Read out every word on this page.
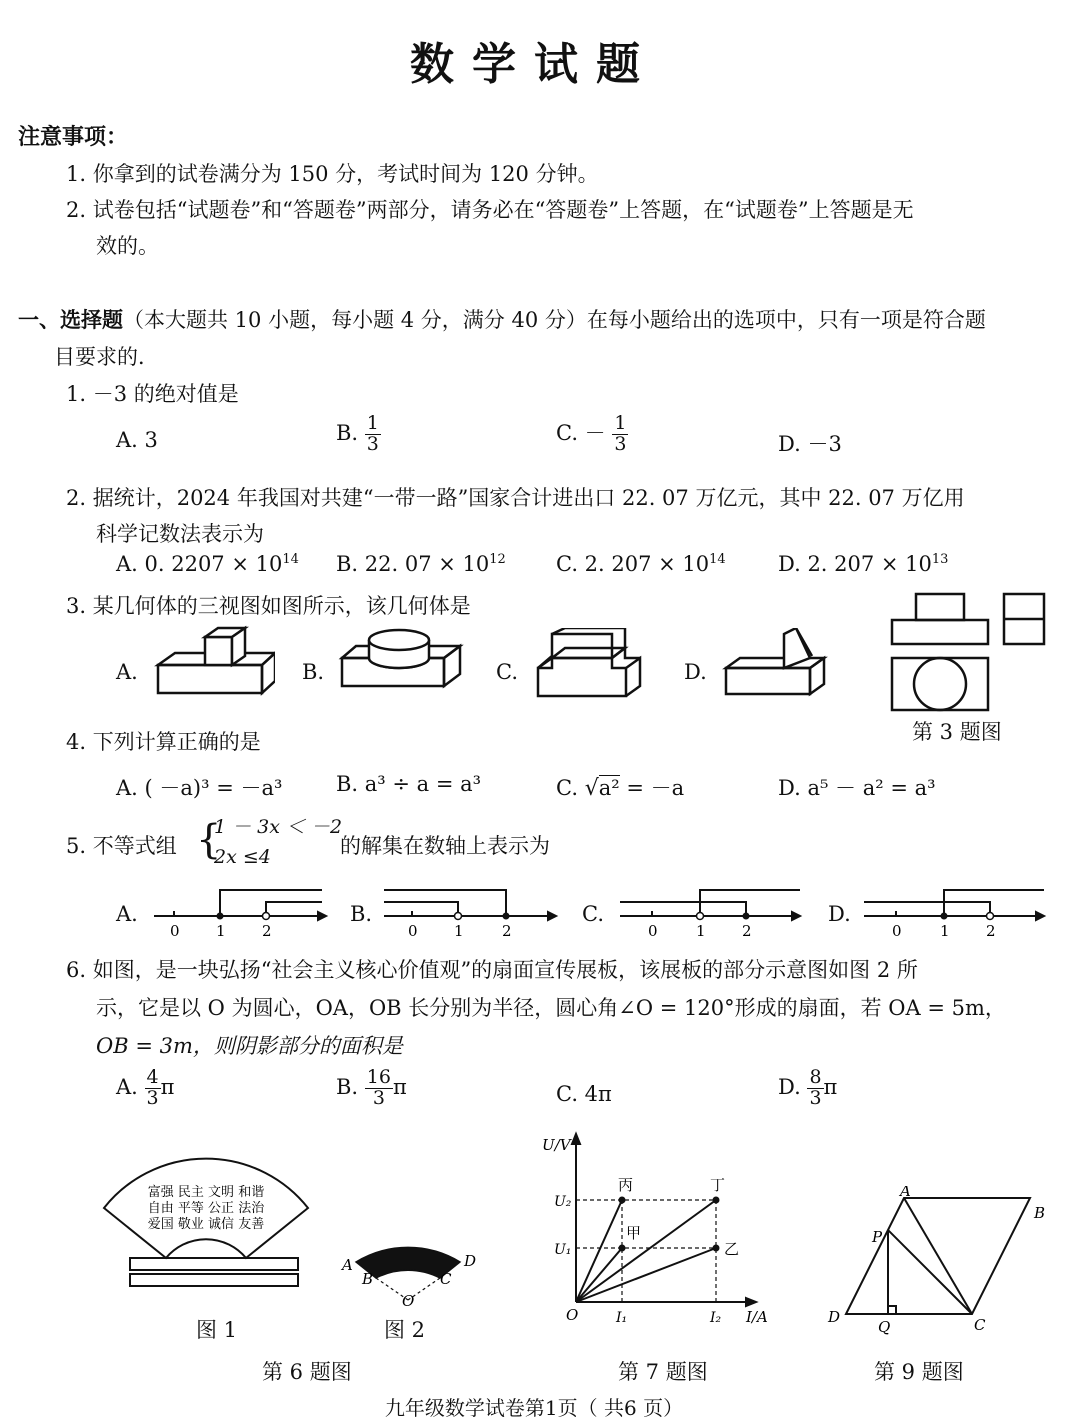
数学试题
注意事项：
1. 你拿到的试卷满分为 150 分，考试时间为 120 分钟。
2. 试卷包括“试题卷”和“答题卷”两部分，请务必在“答题卷”上答题，在“试题卷”上答题是无
效的。
一、选择题（本大题共 10 小题，每小题 4 分，满分 40 分）在每小题给出的选项中，只有一项是符合题
目要求的．
1. －3 的绝对值是
A. 3	B. $\frac{1}{3}$	C. － $\frac{1}{3}$	D. －3
2. 据统计，2024 年我国对共建“一带一路”国家合计进出口 22. 07 万亿元，其中 22. 07 万亿用
科学记数法表示为
A. 0. $2207 \times 10^{14}$ B. 22. $07 \times 10^{12}$ C. 2. $207 \times 10^{14}$ D. 2. $207 \times 10^{13}$
3. 某几何体的三视图如图所示，该几何体是
A.	B.	C.	D.
第 3 题图
4. 下列计算正确的是
A. ( －a)³ = －a³	B. a³ ÷ a = a³	C. √a² = －a	D. a⁵ － a² = a³
5. 不等式组 {
1 － 3x ＜ －2
2x ≤4	的解集在数轴上表示为
A.	B.	C.	D.
0 1 2	0 1	2	0	1 2	0	1 2
6. 如图，是一块弘扬“社会主义核心价值观”的扇面宣传展板，该展板的部分示意图如图 2 所
示，它是以 O 为圆心，OA，OB 长分别为半径，圆心角∠O = 120°形成的扇面，若 OA = 5m，
OB = 3m，则阴影部分的面积是
A. $\frac{4}{3}$ π	B. $\frac{16}{3}$ π	C. 4π	D. $\frac{8}{3}$ π
富强 民主 文明 和谐
自由 平等 公正 法治
爱国 敬业 诚信 友善
图 1
A
B	C
D
O
图 2
第 6 题图
U/V
I/A
U₂
U₁
I₁	I₂
O
丙	丁
甲
乙
第 7 题图
A
B
C
D
P
Q
第 9 题图
九年级数学试卷第1页（ 共6 页）
